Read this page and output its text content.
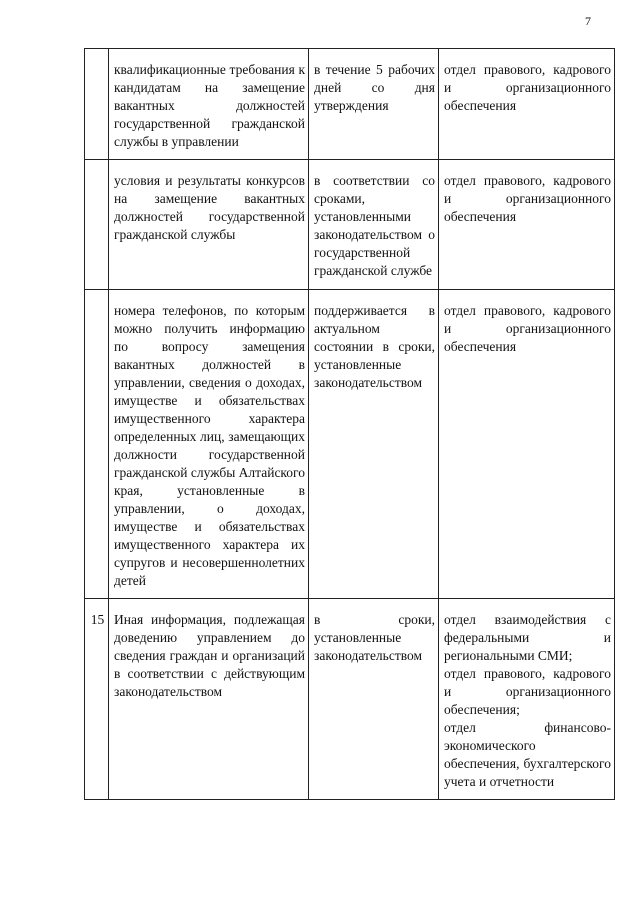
7
	квалификационные требования к кандидатам на замещение вакантных должностей государственной гражданской службы в управлении	в течение 5 рабочих дней со дня утверждения	отдел правового, кадрового и организационного обеспечения

	условия и результаты конкурсов на замещение вакантных должностей государственной гражданской службы	в соответствии со сроками, установленными законодательством о государственной гражданской службе	отдел правового, кадрового и организационного обеспечения

	номера телефонов, по которым можно получить информацию по вопросу замещения вакантных должностей в управлении, сведения о доходах, имуществе и обязательствах имущественного характера определенных лиц, замещающих должности государственной гражданской службы Алтайского края, установленные в управлении, о доходах, имуществе и обязательствах имущественного характера их супругов и несовершеннолетних детей	поддерживается в актуальном состоянии в сроки, установленные законодательством	отдел правового, кадрового и организационного обеспечения

15	Иная информация, подлежащая доведению управлением до сведения граждан и организаций в соответствии с действующим законодательством	в сроки, установленные законодательством	отдел взаимодействия с федеральными и региональными СМИ;
отдел правового, кадрового и организационного обеспечения;
отдел финансово-экономического обеспечения, бухгалтерского учета и отчетности
